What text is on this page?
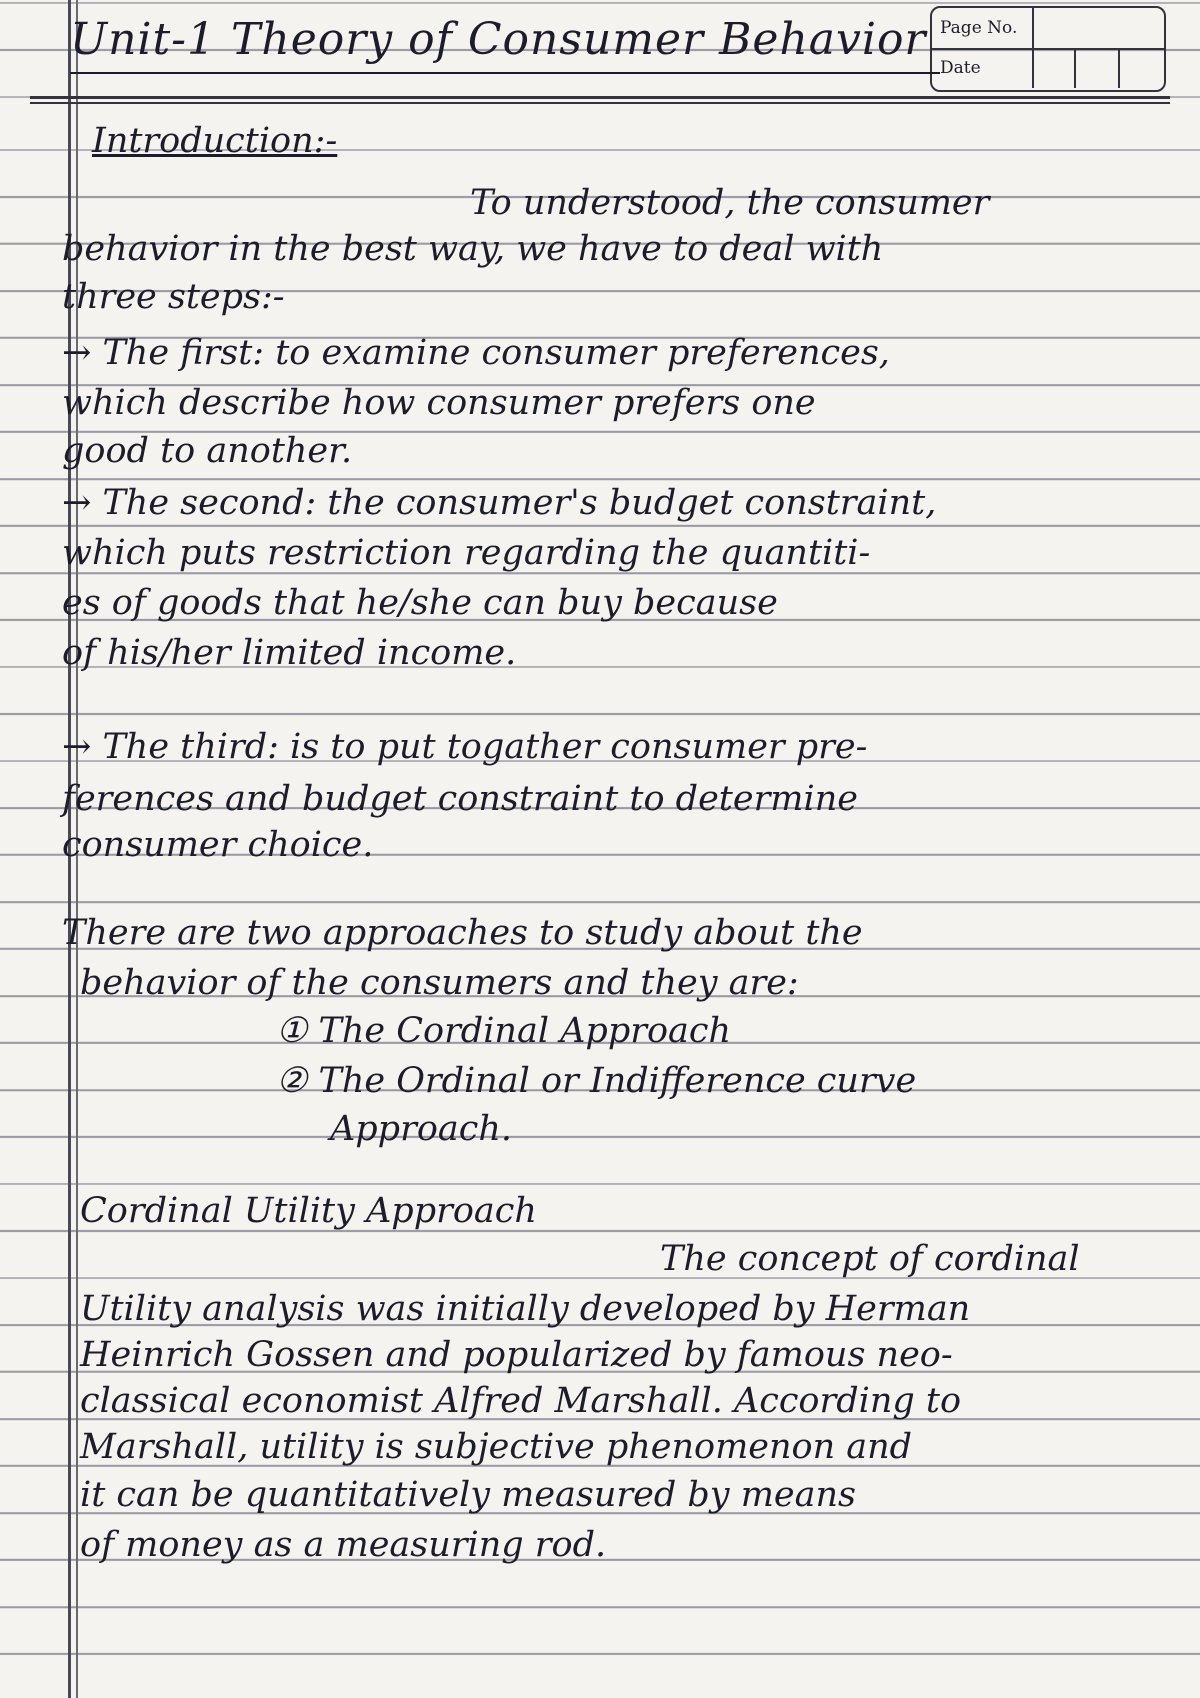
Page No.
Date
Unit-1 Theory of Consumer Behavior
Introduction:-
To understood, the consumer
behavior in the best way, we have to deal with
three steps:-
→ The first: to examine consumer preferences,
which describe how consumer prefers one
good to another.
→ The second: the consumer's budget constraint,
which puts restriction regarding the quantiti-
es of goods that he/she can buy because
of his/her limited income.
→ The third: is to put togather consumer pre-
ferences and budget constraint to determine
consumer choice.
There are two approaches to study about the
behavior of the consumers and they are:
① The Cordinal Approach
② The Ordinal or Indifference curve
Approach.
Cordinal Utility Approach
The concept of cordinal
Utility analysis was initially developed by Herman
Heinrich Gossen and popularized by famous neo-
classical economist Alfred Marshall. According to
Marshall, utility is subjective phenomenon and
it can be quantitatively measured by means
of money as a measuring rod.
